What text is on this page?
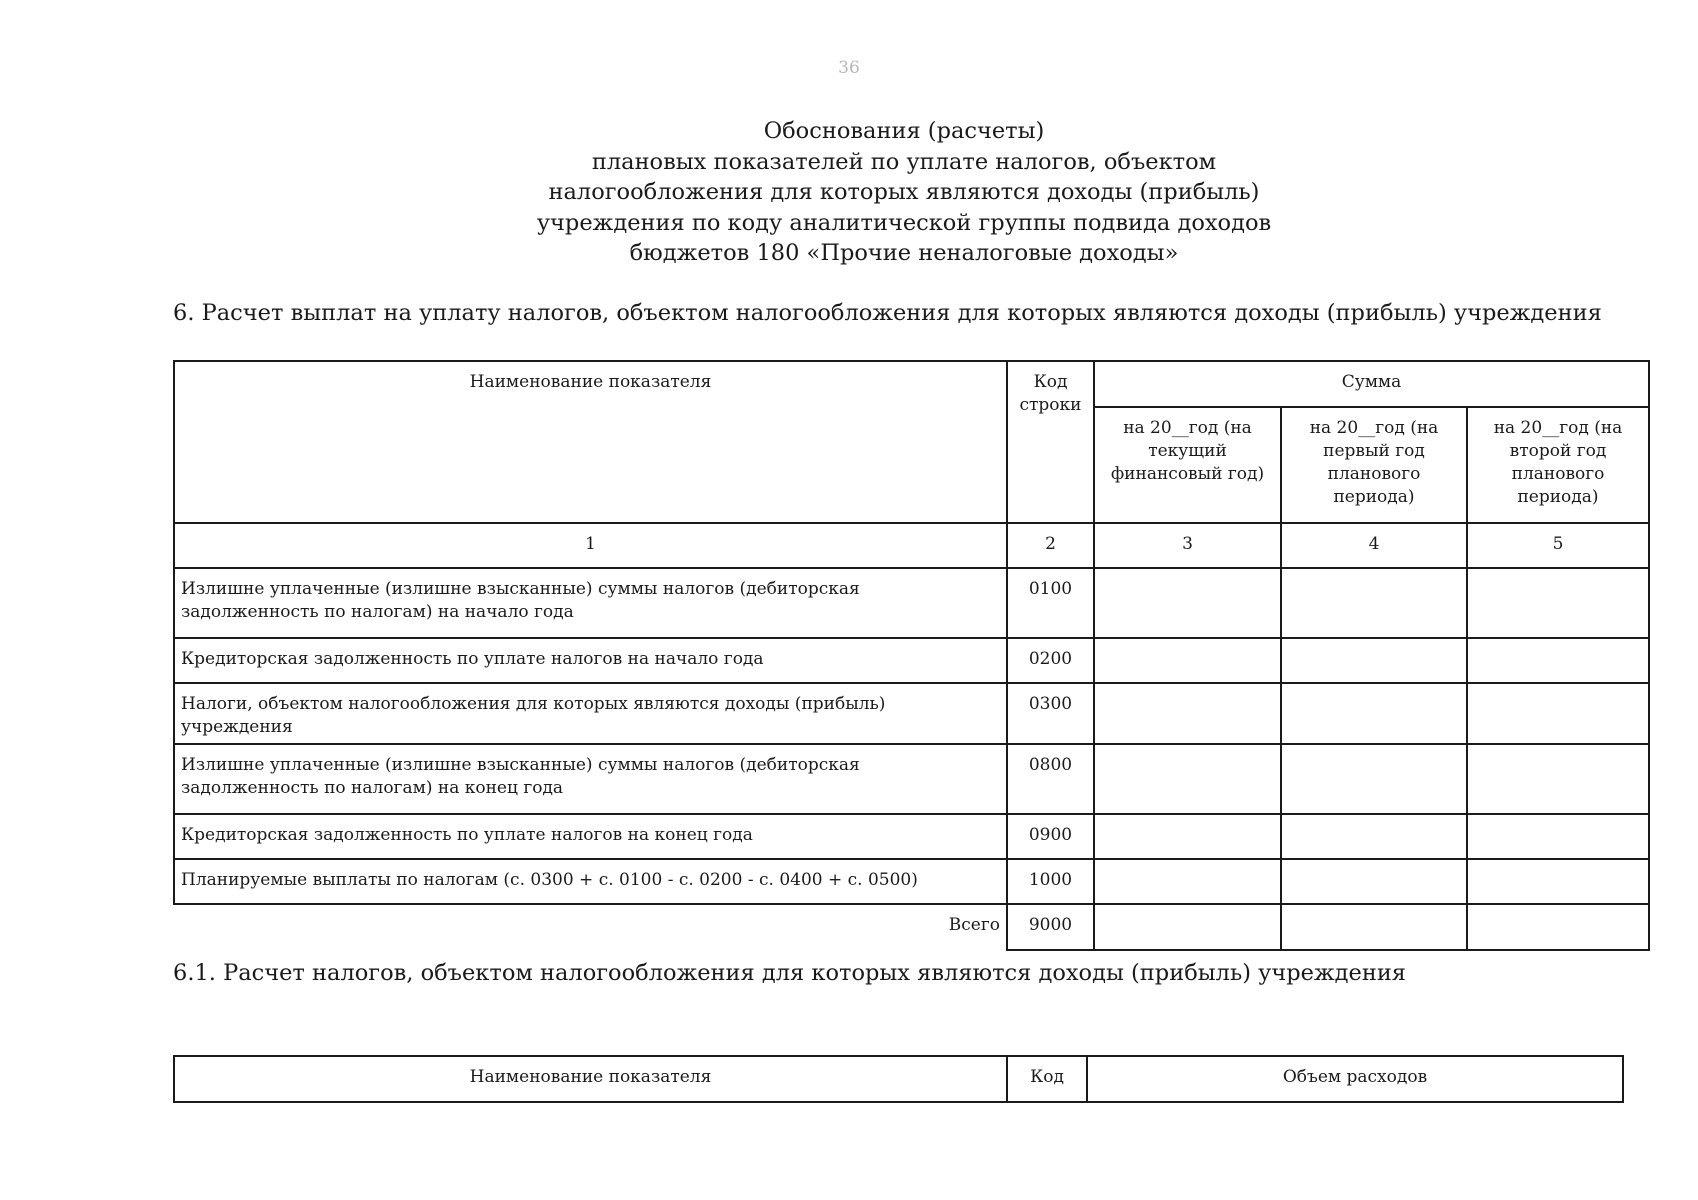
36
Обоснования (расчеты)
плановых показателей по уплате налогов, объектом
налогообложения для которых являются доходы (прибыль)
учреждения по коду аналитической группы подвида доходов
бюджетов 180 «Прочие неналоговые доходы»
6. Расчет выплат на уплату налогов, объектом налогообложения для которых являются доходы (прибыль) учреждения
Наименование показателя	Код строки	Сумма		
		на 20__год (на текущий финансовый год)	на 20__год (на первый год планового периода)	на 20__год (на второй год планового периода)
1	2	3	4	5
Излишне уплаченные (излишне взысканные) суммы налогов (дебиторская задолженность по налогам) на начало года	0100			
Кредиторская задолженность по уплате налогов на начало года	0200			
Налоги, объектом налогообложения для которых являются доходы (прибыль) учреждения	0300			
Излишне уплаченные (излишне взысканные) суммы налогов (дебиторская задолженность по налогам) на конец года	0800			
Кредиторская задолженность по уплате налогов на конец года	0900			
Планируемые выплаты по налогам (с. 0300 + с. 0100 - с. 0200 - с. 0400 + с. 0500)	1000			
Всего	9000			
6.1. Расчет налогов, объектом налогообложения для которых являются доходы (прибыль) учреждения
Наименование показателя	Код	Объем расходов
